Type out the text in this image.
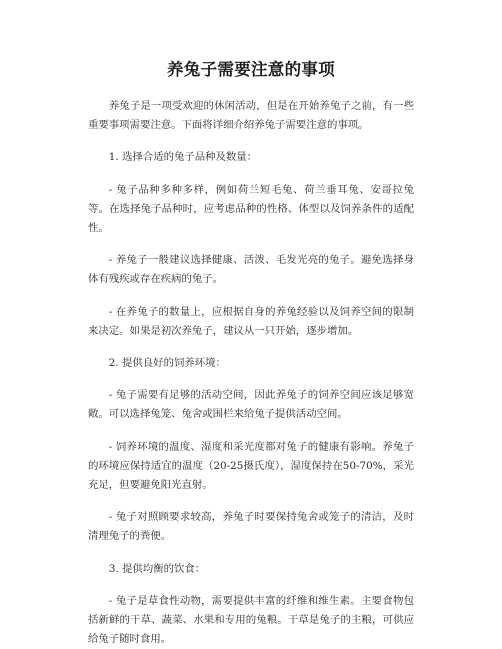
养兔子需要注意的事项

养兔子是一项受欢迎的休闲活动，但是在开始养兔子之前，有一些重要事项需要注意。下面将详细介绍养兔子需要注意的事项。

1. 选择合适的兔子品种及数量：

- 兔子品种多种多样，例如荷兰短毛兔、荷兰垂耳兔、安哥拉兔等。在选择兔子品种时，应考虑品种的性格、体型以及饲养条件的适配性。

- 养兔子一般建议选择健康、活泼、毛发光亮的兔子。避免选择身体有残疾或存在疾病的兔子。

- 在养兔子的数量上，应根据自身的养兔经验以及饲养空间的限制来决定。如果是初次养兔子，建议从一只开始，逐步增加。

2. 提供良好的饲养环境：

- 兔子需要有足够的活动空间，因此养兔子的饲养空间应该足够宽敞。可以选择兔笼、兔舍或围栏来给兔子提供活动空间。

- 饲养环境的温度、湿度和采光度都对兔子的健康有影响。养兔子的环境应保持适宜的温度（20-25摄氏度），湿度保持在50-70%，采光充足，但要避免阳光直射。

- 兔子对照顾要求较高，养兔子时要保持兔舍或笼子的清洁，及时清理兔子的粪便。

3. 提供均衡的饮食：

- 兔子是草食性动物，需要提供丰富的纤维和维生素。主要食物包括新鲜的干草、蔬菜、水果和专用的兔粮。干草是兔子的主粮，可供应给兔子随时食用。
